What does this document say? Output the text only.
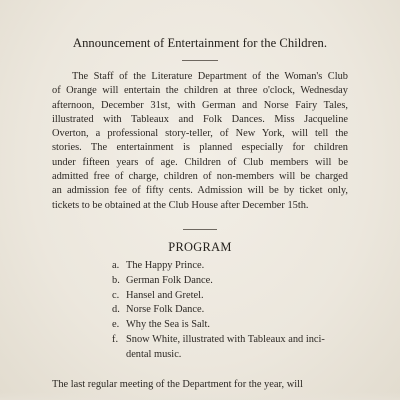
Announcement of Entertainment for the Children.
The Staff of the Literature Department of the Woman's Club
of Orange will entertain the children at three o'clock, Wednesday
afternoon, December 31st, with German and Norse Fairy Tales,
illustrated with Tableaux and Folk Dances. Miss Jacqueline
Overton, a professional story-teller, of New York, will tell the
stories. The entertainment is planned especially for children
under fifteen years of age. Children of Club members will be
admitted free of charge, children of non-members will be charged
an admission fee of fifty cents. Admission will be by ticket only,
tickets to be obtained at the Club House after December 15th.
PROGRAM
a. The Happy Prince.
b. German Folk Dance.
c. Hansel and Gretel.
d. Norse Folk Dance.
e. Why the Sea is Salt.
f. Snow White, illustrated with Tableaux and inci-
dental music.
The last regular meeting of the Department for the year, will
